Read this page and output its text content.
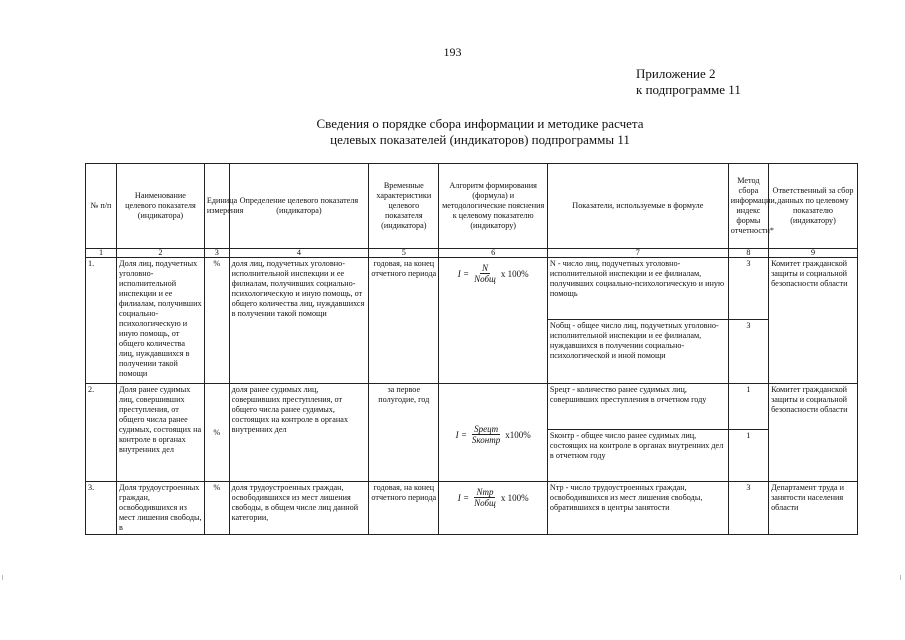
193
Приложение 2
к подпрограмме 11
Сведения о порядке сбора информации и методике расчета
целевых показателей (индикаторов) подпрограммы 11
№ п/п	Наименование целевого показателя (индикатора)	Единица измерения	Определение целевого показателя (индикатора)	Временные характеристики целевого показателя (индикатора)	Алгоритм формирования (формула) и методологические пояснения к целевому показателю (индикатору)	Показатели, используемые в формуле	Метод сбора информации, индекс формы отчетности*	Ответственный за сбор данных по целевому показателю (индикатору)
1	2	3	4	5	6	7	8	9
1.	Доля лиц, подучетных уголовно-исполнительной инспекции и ее филиалам, получивших социально-психологическую и иную помощь, от общего количества лиц, нуждавшихся в получении такой помощи	%	доля лиц, подучетных уголовно-исполнительной инспекции и ее филиалам, получивших социально-психологическую и иную помощь, от общего количества лиц, нуждавшихся в получении такой помощи	годовая, на конец отчетного периода	$I = \frac{N}{\text{Nобщ}}$ x 100%	N - число лиц, подучетных уголовно-исполнительной инспекции и ее филиалам, получивших социально-психологическую и иную помощь	3	Комитет гражданской защиты и социальной безопасности области
						Nобщ - общее число лиц, подучетных уголовно-исполнительной инспекции и ее филиалам, нуждавшихся в получении социально-психологической и иной помощи	3	
2.	Доля ранее судимых лиц, совершивших преступления, от общего числа ранее судимых, состоящих на контроле в органах внутренних дел	%	доля ранее судимых лиц, совершивших преступления, от общего числа ранее судимых, состоящих на контроле в органах внутренних дел	за первое полугодие, год	$I = \frac{\text{Sрецт}}{\text{Sконтр}} x100\%$	Sрецт - количество ранее судимых лиц, совершивших преступления в отчетном году	1	Комитет гражданской защиты и социальной безопасности области
						Sконтр - общее число ранее судимых лиц, состоящих на контроле в органах внутренних дел в отчетном году	1	
3.	Доля трудоустроенных граждан, освободившихся из мест лишения свободы, в	%	доля трудоустроенных граждан, освободившихся из мест лишения свободы, в общем числе лиц данной категории,	годовая, на конец отчетного периода	$I = \frac{\text{Nтр}}{\text{Nобщ}}$ x 100%	Nтр - число трудоустроенных граждан, освободившихся из мест лишения свободы, обратившихся в центры занятости	3	Департамент труда и занятости населения области
